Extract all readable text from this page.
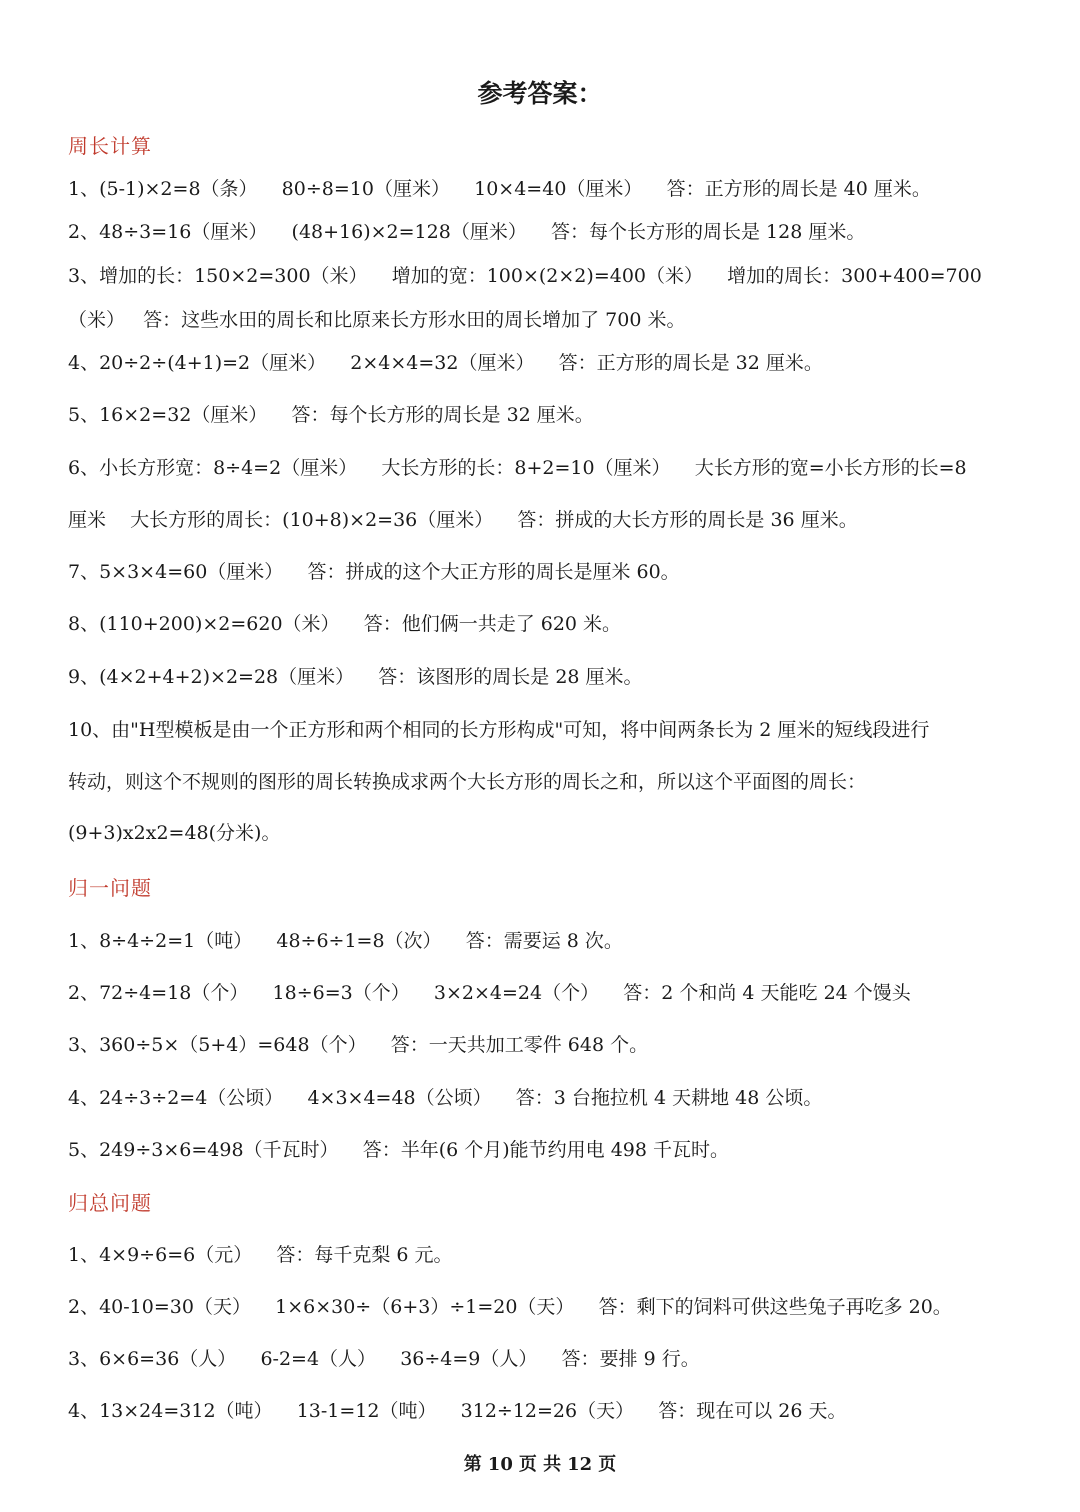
参考答案：
周长计算
1、(5-1)×2=8（条）    80÷8=10（厘米）    10×4=40（厘米）    答：正方形的周长是 40 厘米。
2、48÷3=16（厘米）    (48+16)×2=128（厘米）    答：每个长方形的周长是 128 厘米。
3、增加的长：150×2=300（米）    增加的宽：100×(2×2)=400（米）    增加的周长：300+400=700
（米）   答：这些水田的周长和比原来长方形水田的周长增加了 700 米。
4、20÷2÷(4+1)=2（厘米）    2×4×4=32（厘米）    答：正方形的周长是 32 厘米。
5、16×2=32（厘米）    答：每个长方形的周长是 32 厘米。
6、小长方形宽：8÷4=2（厘米）    大长方形的长：8+2=10（厘米）    大长方形的宽=小长方形的长=8
厘米    大长方形的周长：(10+8)×2=36（厘米）    答：拼成的大长方形的周长是 36 厘米。
7、5×3×4=60（厘米）    答：拼成的这个大正方形的周长是厘米 60。
8、(110+200)×2=620（米）    答：他们俩一共走了 620 米。
9、(4×2+4+2)×2=28（厘米）    答：该图形的周长是 28 厘米。
10、由"H型模板是由一个正方形和两个相同的长方形构成"可知，将中间两条长为 2 厘米的短线段进行
转动，则这个不规则的图形的周长转换成求两个大长方形的周长之和，所以这个平面图的周长：
(9+3)x2x2=48(分米)。
归一问题
1、8÷4÷2=1（吨）    48÷6÷1=8（次）    答：需要运 8 次。
2、72÷4=18（个）    18÷6=3（个）    3×2×4=24（个）    答：2 个和尚 4 天能吃 24 个馒头
3、360÷5×（5+4）=648（个）    答：一天共加工零件 648 个。
4、24÷3÷2=4（公顷）    4×3×4=48（公顷）    答：3 台拖拉机 4 天耕地 48 公顷。
5、249÷3×6=498（千瓦时）    答：半年(6 个月)能节约用电 498 千瓦时。
归总问题
1、4×9÷6=6（元）    答：每千克梨 6 元。
2、40-10=30（天）    1×6×30÷（6+3）÷1=20（天）    答：剩下的饲料可供这些兔子再吃多 20。
3、6×6=36（人）    6-2=4（人）    36÷4=9（人）    答：要排 9 行。
4、13×24=312（吨）    13-1=12（吨）    312÷12=26（天）    答：现在可以 26 天。
第 10 页 共 12 页
